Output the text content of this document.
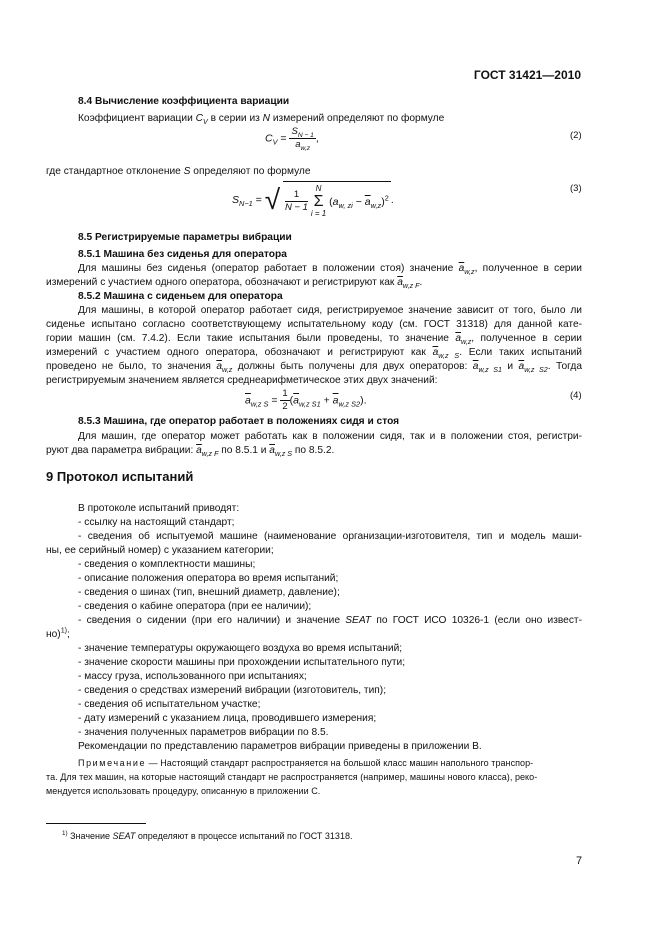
ГОСТ 31421—2010
8.4 Вычисление коэффициента вариации
Коэффициент вариации $C_V$ в серии из N измерений определяют по формуле
$C_V = \frac{S_{N - 1}}{\overline{a}_{w,z}}$ ,	(2)
где стандартное отклонение S определяют по формуле
$S_{N-1}$ = √ $\frac{1}{N - 1}$

N
Σ
i = 1
$(a_{w, zi} - \overline{a}_{w,z})^2$ .
(3)
8.5 Регистрируемые параметры вибрации
8.5.1 Машина без сиденья для оператора
Для машины без сиденья (оператор работает в положении стоя) значение $\overline{a}_{w,z}$, полученное в серии
измерений с участием одного оператора, обозначают и регистрируют как $\overline{a}_{w,z F}$.
8.5.2 Машина с сиденьем для оператора
Для машины, в которой оператор работает сидя, регистрируемое значение зависит от того, было ли
сиденье испытано согласно соответствующему испытательному коду (см. ГОСТ 31318) для данной кате-
гории машин (см. 7.4.2). Если такие испытания были проведены, то значение $\overline{a}_{w,z}$, полученное в серии
измерений с участием одного оператора, обозначают и регистрируют как $\overline{a}_{w,z S}$. Если таких испытаний
проведено не было, то значения $\overline{a}_{w,z}$ должны быть получены для двух операторов: $\overline{a}_{w,z S1}$ и $\overline{a}_{w,z S2}$. Тогда
регистрируемым значением является среднеарифметическое этих двух значений:
$\overline{a}_{w,z S} = \frac{1}{2} (\overline{a}_{w,z S1} + \overline{a}_{w,z S2})$.	(4)
8.5.3 Машина, где оператор работает в положениях сидя и стоя
Для машин, где оператор может работать как в положении сидя, так и в положении стоя, регистри-
руют два параметра вибрации: $\overline{a}_{w,z F}$ по 8.5.1 и $\overline{a}_{w,z S}$ по 8.5.2.
9 Протокол испытаний
В протоколе испытаний приводят:
- ссылку на настоящий стандарт;
- сведения об испытуемой машине (наименование организации-изготовителя, тип и модель маши-
ны, ее серийный номер) с указанием категории;
- сведения о комплектности машины;
- описание положения оператора во время испытаний;
- сведения о шинах (тип, внешний диаметр, давление);
- сведения о кабине оператора (при ее наличии);
- сведения о сидении (при его наличии) и значение SEAT по ГОСТ ИСО 10326-1 (если оно извест-
но)$^{1)}$;
- значение температуры окружающего воздуха во время испытаний;
- значение скорости машины при прохождении испытательного пути;
- массу груза, использованного при испытаниях;
- сведения о средствах измерений вибрации (изготовитель, тип);
- сведения об испытательном участке;
- дату измерений с указанием лица, проводившего измерения;
- значения полученных параметров вибрации по 8.5.
Рекомендации по представлению параметров вибрации приведены в приложении В.
Примечание — Настоящий стандарт распространяется на большой класс машин напольного транспор-
та. Для тех машин, на которые настоящий стандарт не распространяется (например, машины нового класса), реко-
мендуется использовать процедуру, описанную в приложении С.
$^{1)}$ Значение SEAT определяют в процессе испытаний по ГОСТ 31318.
7
